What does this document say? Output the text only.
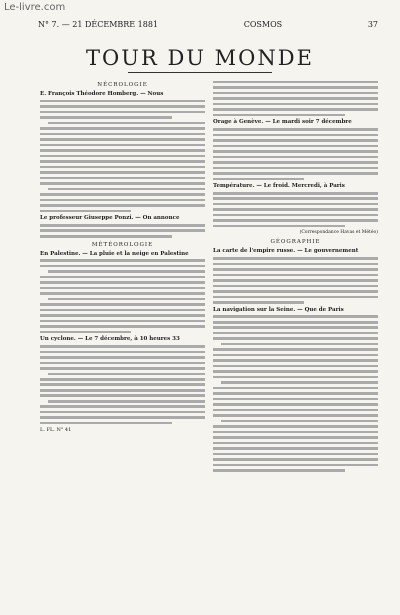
Le-livre.com
N° 7. — 21 DÉCEMBRE 1881	COSMOS	37
TOUR DU MONDE
NÉCROLOGIE
E. François Théodore Homberg. — Nous
Le professeur Giuseppe Ponzi. — On annonce
MÉTÉOROLOGIE
En Palestine. — La pluie et la neige en Palestine
Un cyclone. — Le 7 décembre, à 10 heures 33
L. FL. N° 41
Orage à Genève. — Le mardi soir 7 décembre
Température. — Le froid. Mercredi, à Paris
(Correspondance Havas et Météo)
GÉOGRAPHIE
La carte de l'empire russe. — Le gouvernement
La navigation sur la Seine. — Que de Paris
